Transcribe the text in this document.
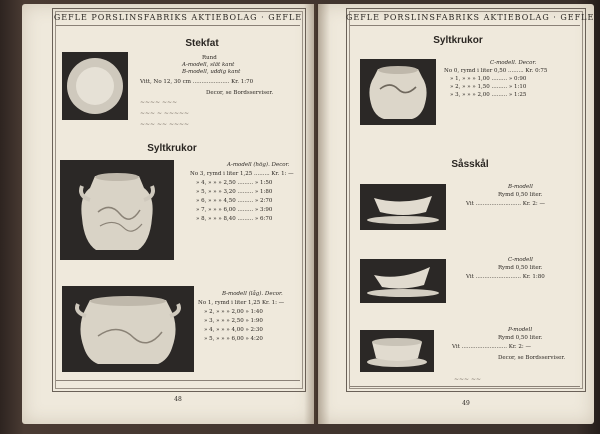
GEFLE PORSLINSFABRIKS AKTIEBOLAG · GEFLE
Stekfat
Rund
A-modell, slät kant
B-modell, uddig kant
Vitt, No 12, 30 cm ..................... Kr. 1:70
Decor, se Bordsserviser.
~~~~ ~~~
~~~ ~ ~~~~~
~~~ ~~ ~~~~
Syltkrukor
A-modell (hög). Decor.
No 3, rymd i liter 1,25 ......... Kr. 1: —
» 4, » » » 2,50 ......... » 1:50
» 5, » » » 3,20 ......... » 1:80
» 6, » » » 4,50 ......... » 2:70
» 7, » » » 6,00 ......... » 3:90
» 8, » » » 8,40 ......... » 6:70
B-modell (låg). Decor.
No 1, rymd i liter 1,25 Kr. 1: —
» 2, » » » 2,00 » 1:40
» 3, » » » 2,50 » 1:90
» 4, » » » 4,00 » 2:30
» 5, » » » 6,00 » 4:20
48
GEFLE PORSLINSFABRIKS AKTIEBOLAG · GEFLE
Syltkrukor
C-modell. Decor.
No 0, rymd i liter 0,50 ......... Kr. 0:75
» 1, » » » 1,00 ......... » 0:90
» 2, » » » 1,50 ......... » 1:10
» 3, » » » 2,00 ......... » 1:25
Såsskål
B-modell
Rymd 0,50 liter.
Vit .......................... Kr. 2: —
C-modell
Rymd 0,50 liter.
Vit .......................... Kr. 1:80
P-modell
Rymd 0,50 liter.
Vit .......................... Kr. 2: —
Decor, se Bordsserviser.
~~~ ~~
49
